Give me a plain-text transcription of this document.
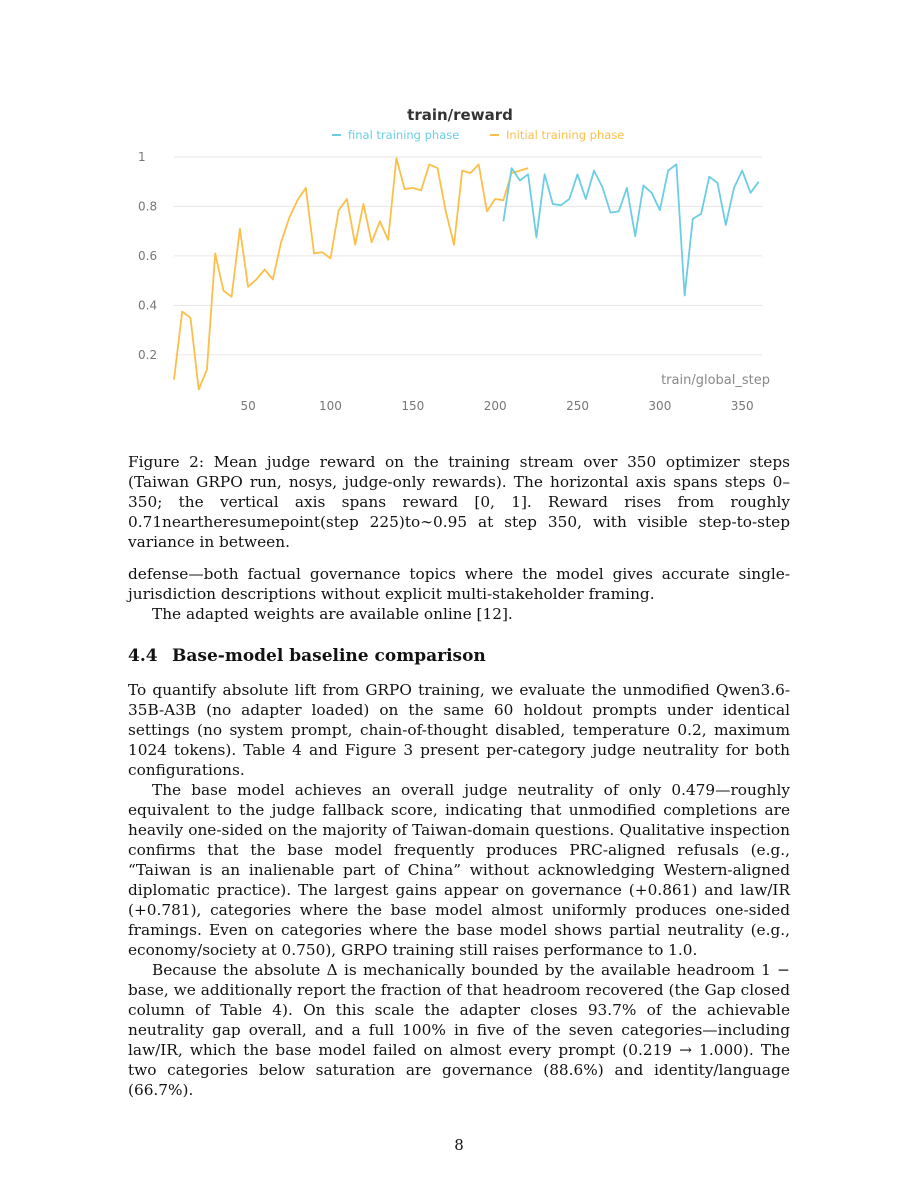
train/reward
final training phase	Initial training phase
0.2
0.4
0.6
0.8
1
50	100	150	200	250	300	350
train/global_step

Figure 2: Mean judge reward on the training stream over 350 optimizer steps (Taiwan GRPO run, nosys, judge-only rewards). The horizontal axis spans steps 0–350; the vertical axis spans reward [0, 1]. Reward rises from roughly 0.71neartheresumepoint(step 225)to∼0.95 at step 350, with visible step-to-step variance in between.

defense—both factual governance topics where the model gives accurate single-jurisdiction descriptions without explicit multi-stakeholder framing.

The adapted weights are available online [12].

4.4 Base-model baseline comparison

To quantify absolute lift from GRPO training, we evaluate the unmodified Qwen3.6-35B-A3B (no adapter loaded) on the same 60 holdout prompts under identical settings (no system prompt, chain-of-thought disabled, temperature 0.2, maximum 1024 tokens). Table 4 and Figure 3 present per-category judge neutrality for both configurations.

The base model achieves an overall judge neutrality of only 0.479—roughly equivalent to the judge fallback score, indicating that unmodified completions are heavily one-sided on the majority of Taiwan-domain questions. Qualitative inspection confirms that the base model frequently produces PRC-aligned refusals (e.g., “Taiwan is an inalienable part of China” without acknowledging Western-aligned diplomatic practice). The largest gains appear on governance (+0.861) and law/IR (+0.781), categories where the base model almost uniformly produces one-sided framings. Even on categories where the base model shows partial neutrality (e.g., economy/society at 0.750), GRPO training still raises performance to 1.0.

Because the absolute Δ is mechanically bounded by the available headroom 1 − base, we additionally report the fraction of that headroom recovered (the Gap closed column of Table 4). On this scale the adapter closes 93.7% of the achievable neutrality gap overall, and a full 100% in five of the seven categories—including law/IR, which the base model failed on almost every prompt (0.219 → 1.000). The two categories below saturation are governance (88.6%) and identity/language (66.7%).

8
